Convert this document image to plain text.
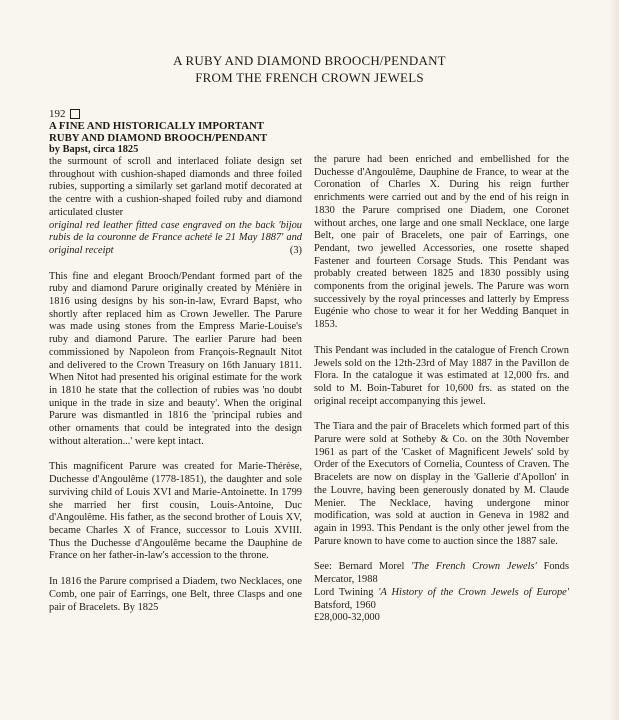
A RUBY AND DIAMOND BROOCH/PENDANT
FROM THE FRENCH CROWN JEWELS
192

A FINE AND HISTORICALLY IMPORTANT

RUBY AND DIAMOND BROOCH/PENDANT

by Bapst, circa 1825

the surmount of scroll and interlaced foliate design set throughout with cushion-shaped diamonds and three foiled rubies, supporting a similarly set garland motif decorated at the centre with a cushion-shaped foiled ruby and diamond articulated cluster

original red leather fitted case engraved on the back 'bijou rubis de la couronne de France acheté le 21 May 1887' and original receipt	(3)

This fine and elegant Brooch/Pendant formed part of the ruby and diamond Parure originally created by Ménière in 1816 using designs by his son-in-law, Evrard Bapst, who shortly after replaced him as Crown Jeweller. The Parure was made using stones from the Empress Marie-Louise's ruby and diamond Parure. The earlier Parure had been commissioned by Napoleon from François-Regnault Nitot and delivered to the Crown Treasury on 16th January 1811. When Nitot had presented his original estimate for the work in 1810 he state that the collection of rubies was 'no doubt unique in the trade in size and beauty'. When the original Parure was dismantled in 1816 the 'principal rubies and other ornaments that could be integrated into the design without alteration...' were kept intact.

This magnificent Parure was created for Marie-Thérèse, Duchesse d'Angoulême (1778-1851), the daughter and sole surviving child of Louis XVI and Marie-Antoinette. In 1799 she married her first cousin, Louis-Antoine, Duc d'Angoulême. His father, as the second brother of Louis XV, became Charles X of France, successor to Louis XVIII. Thus the Duchesse d'Angoulême became the Dauphine de France on her father-in-law's accession to the throne.

In 1816 the Parure comprised a Diadem, two Necklaces, one Comb, one pair of Earrings, one Belt, three Clasps and one pair of Bracelets. By 1825

the parure had been enriched and embellished for the Duchesse d'Angoulême, Dauphine de France, to wear at the Coronation of Charles X. During his reign further enrichments were carried out and by the end of his reign in 1830 the Parure comprised one Diadem, one Coronet without arches, one large and one small Necklace, one large Belt, one pair of Bracelets, one pair of Earrings, one Pendant, two jewelled Accessories, one rosette shaped Fastener and fourteen Corsage Studs. This Pendant was probably created between 1825 and 1830 possibly using components from the original jewels. The Parure was worn successively by the royal princesses and latterly by Empress Eugénie who chose to wear it for her Wedding Banquet in 1853.

This Pendant was included in the catalogue of French Crown Jewels sold on the 12th-23rd of May 1887 in the Pavillon de Flora. In the catalogue it was estimated at 12,000 frs. and sold to M. Boin-Taburet for 10,600 frs. as stated on the original receipt accompanying this jewel.

The Tiara and the pair of Bracelets which formed part of this Parure were sold at Sotheby & Co. on the 30th November 1961 as part of the 'Casket of Magnificent Jewels' sold by Order of the Executors of Cornelia, Countess of Craven. The Bracelets are now on display in the 'Gallerie d'Apollon' in the Louvre, having been generously donated by M. Claude Menier. The Necklace, having undergone minor modification, was sold at auction in Geneva in 1982 and again in 1993. This Pendant is the only other jewel from the Parure known to have come to auction since the 1887 sale.

See: Bernard Morel 'The French Crown Jewels' Fonds Mercator, 1988

Lord Twining 'A History of the Crown Jewels of Europe' Batsford, 1960

£28,000-32,000
